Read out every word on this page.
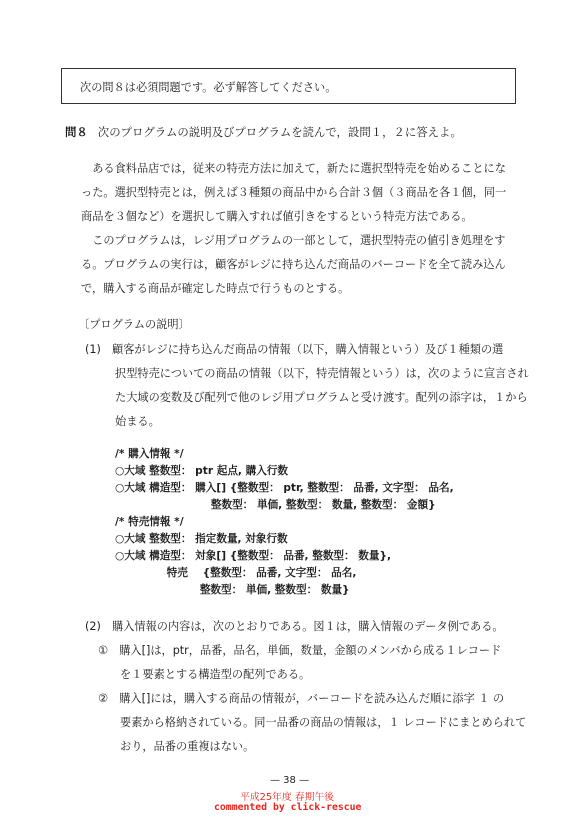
次の問８は必須問題です。必ず解答してください。
問８ 次のプログラムの説明及びプログラムを読んで，設問１，２に答えよ。
　ある食料品店では，従来の特売方法に加えて，新たに選択型特売を始めることにな
った。選択型特売とは，例えば３種類の商品中から合計３個（３商品を各１個，同一
商品を３個など）を選択して購入すれば値引きをするという特売方法である。
　このプログラムは，レジ用プログラムの一部として，選択型特売の値引き処理をす
る。プログラムの実行は，顧客がレジに持ち込んだ商品のバーコードを全て読み込ん
で，購入する商品が確定した時点で行うものとする。
〔プログラムの説明〕
(1)　顧客がレジに持ち込んだ商品の情報（以下，購入情報という）及び１種類の選
択型特売についての商品の情報（以下，特売情報という）は，次のように宣言され
た大域の変数及び配列で他のレジ用プログラムと受け渡す。配列の添字は，１から
始まる。
/* 購入情報 */
○大域 整数型： ptr 起点, 購入行数
○大域 構造型： 購入[] {整数型： ptr, 整数型： 品番, 文字型： 品名,
整数型： 単価, 整数型： 数量, 整数型： 金額}
/* 特売情報 */
○大域 整数型： 指定数量, 対象行数
○大域 構造型： 対象[] {整数型： 品番, 整数型： 数量},
特売    {整数型： 品番, 文字型： 品名,
整数型： 単価, 整数型： 数量}
(2)　購入情報の内容は，次のとおりである。図１は，購入情報のデータ例である。
①　購入[]は，ptr，品番，品名，単価，数量，金額のメンバから成る１レコード
を１要素とする構造型の配列である。
②　購入[]には，購入する商品の情報が，バーコードを読み込んだ順に添字 １ の
要素から格納されている。同一品番の商品の情報は，１ レコードにまとめられて
おり，品番の重複はない。
— 38 —
平成25年度 春期午後
commented by click-rescue
